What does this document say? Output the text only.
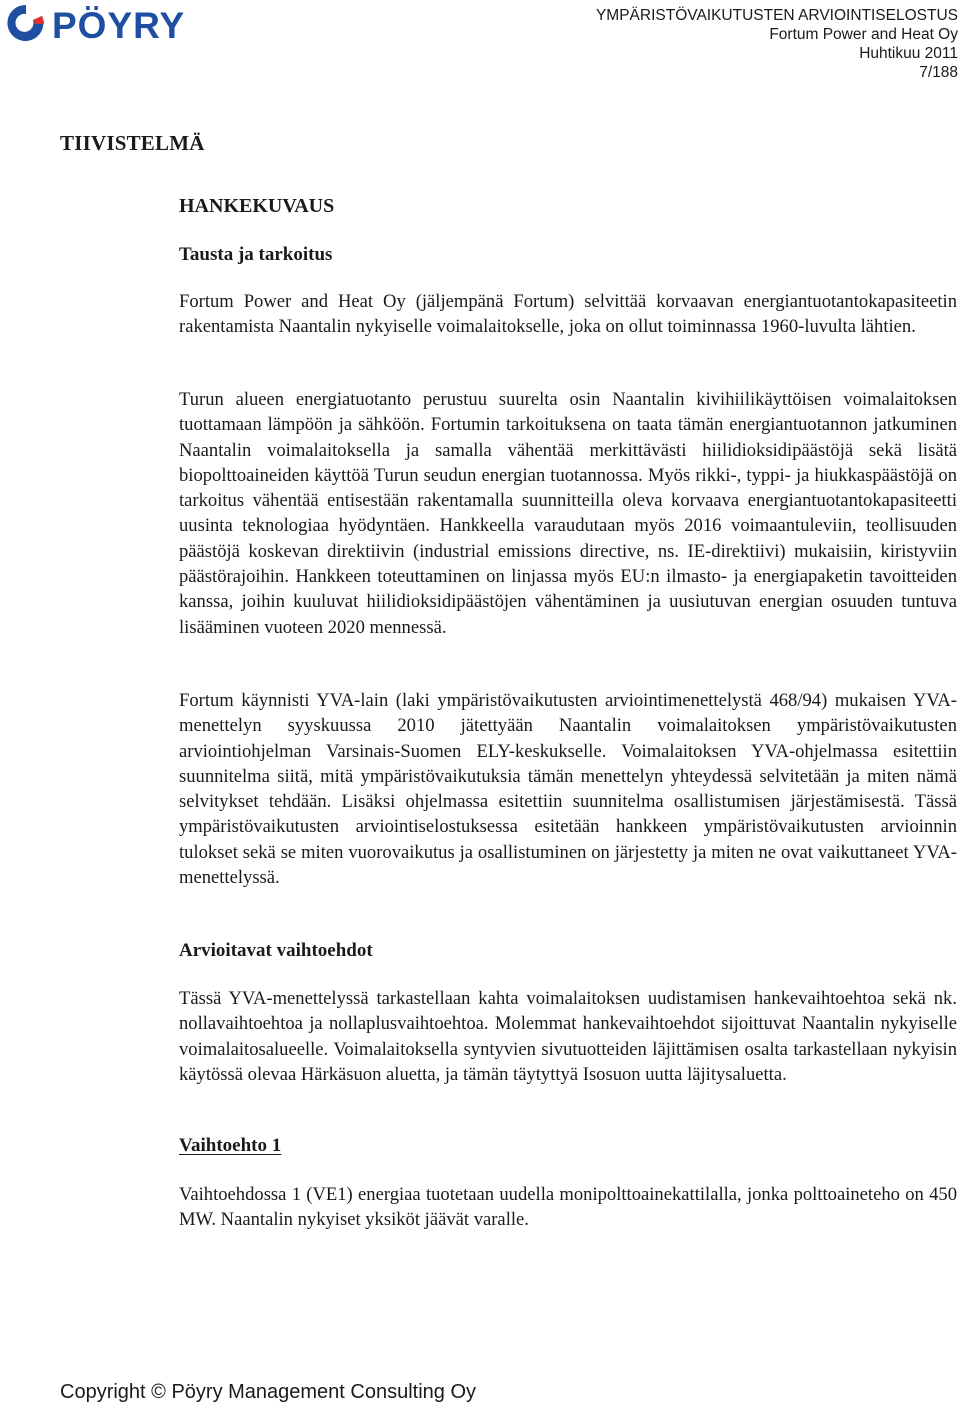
PÖYRY	YMPÄRISTÖVAIKUTUSTEN ARVIOINTISELOSTUS
Fortum Power and Heat Oy
Huhtikuu 2011
7/188
TIIVISTELMÄ
HANKEKUVAUS
Tausta ja tarkoitus

Fortum Power and Heat Oy (jäljempänä Fortum) selvittää korvaavan energiantuotantokapasiteetin rakentamista Naantalin nykyiselle voimalaitokselle, joka on ollut toiminnassa 1960-luvulta lähtien.

Turun alueen energiatuotanto perustuu suurelta osin Naantalin kivihiilikäyttöisen voimalaitoksen tuottamaan lämpöön ja sähköön. Fortumin tarkoituksena on taata tämän energiantuotannon jatkuminen Naantalin voimalaitoksella ja samalla vähentää merkittävästi hiilidioksidipäästöjä sekä lisätä biopolttoaineiden käyttöä Turun seudun energian tuotannossa. Myös rikki-, typpi- ja hiukkaspäästöjä on tarkoitus vähentää entisestään rakentamalla suunnitteilla oleva korvaava energiantuotantokapasiteetti uusinta teknologiaa hyödyntäen. Hankkeella varaudutaan myös 2016 voimaantuleviin, teollisuuden päästöjä koskevan direktiivin (industrial emissions directive, ns. IE-direktiivi) mukaisiin, kiristyviin päästörajoihin. Hankkeen toteuttaminen on linjassa myös EU:n ilmasto- ja energiapaketin tavoitteiden kanssa, joihin kuuluvat hiilidioksidipäästöjen vähentäminen ja uusiutuvan energian osuuden tuntuva lisääminen vuoteen 2020 mennessä.

Fortum käynnisti YVA-lain (laki ympäristövaikutusten arviointimenettelystä 468/94) mukaisen YVA-menettelyn syyskuussa 2010 jätettyään Naantalin voimalaitoksen ympäristövaikutusten arviointiohjelman Varsinais-Suomen ELY-keskukselle. Voimalaitoksen YVA-ohjelmassa esitettiin suunnitelma siitä, mitä ympäristövaikutuksia tämän menettelyn yhteydessä selvitetään ja miten nämä selvitykset tehdään. Lisäksi ohjelmassa esitettiin suunnitelma osallistumisen järjestämisestä. Tässä ympäristövaikutusten arviointiselostuksessa esitetään hankkeen ympäristövaikutusten arvioinnin tulokset sekä se miten vuorovaikutus ja osallistuminen on järjestetty ja miten ne ovat vaikuttaneet YVA-menettelyssä.

Arvioitavat vaihtoehdot

Tässä YVA-menettelyssä tarkastellaan kahta voimalaitoksen uudistamisen hankevaihtoehtoa sekä nk. nollavaihtoehtoa ja nollaplusvaihtoehtoa. Molemmat hankevaihtoehdot sijoittuvat Naantalin nykyiselle voimalaitosalueelle. Voimalaitoksella syntyvien sivutuotteiden läjittämisen osalta tarkastellaan nykyisin käytössä olevaa Härkäsuon aluetta, ja tämän täytyttyä Isosuon uutta läjitysaluetta.

Vaihtoehto 1

Vaihtoehdossa 1 (VE1) energiaa tuotetaan uudella monipolttoainekattilalla, jonka polttoaineteho on 450 MW. Naantalin nykyiset yksiköt jäävät varalle.

Copyright © Pöyry Management Consulting Oy
